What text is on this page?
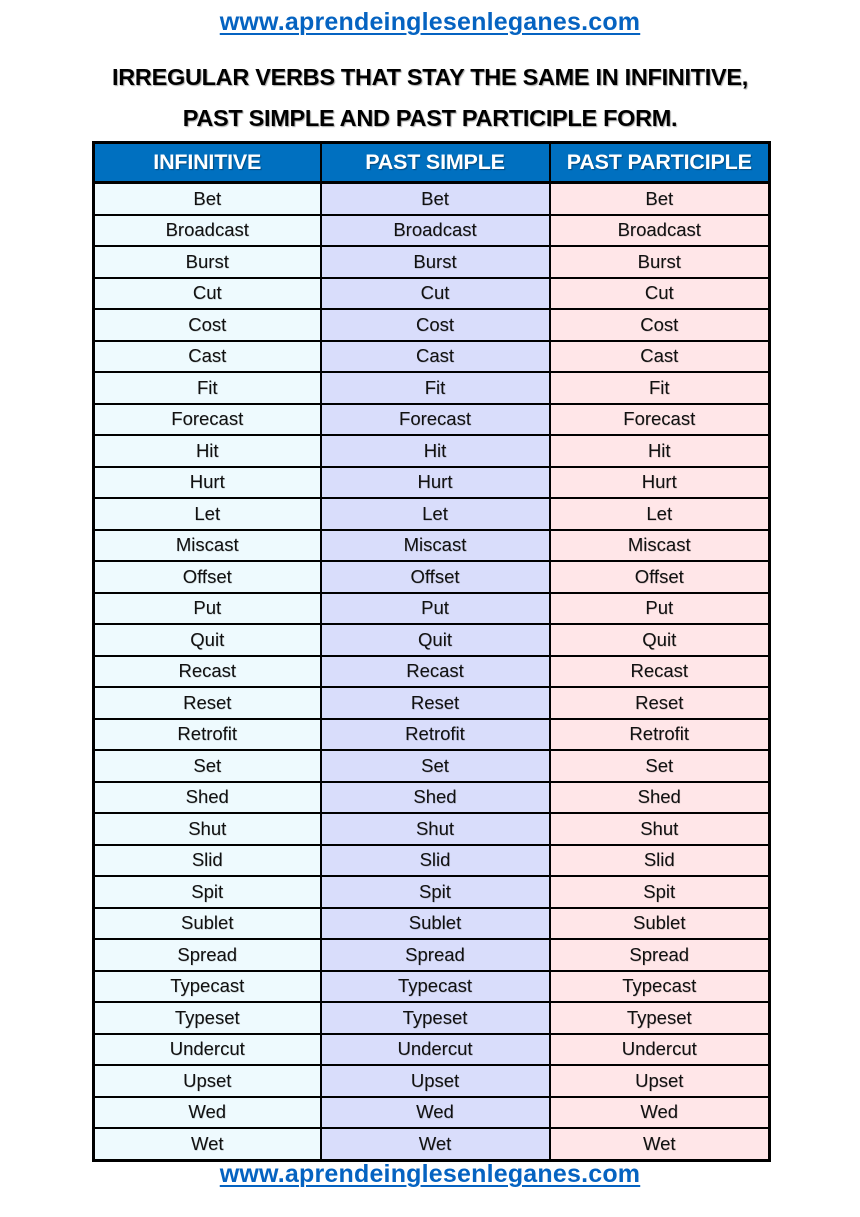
www.aprendeinglesenleganes.com
IRREGULAR VERBS THAT STAY THE SAME IN INFINITIVE,
PAST SIMPLE AND PAST PARTICIPLE FORM.
INFINITIVE	PAST SIMPLE	PAST PARTICIPLE
Bet	Bet	Bet
Broadcast	Broadcast	Broadcast
Burst	Burst	Burst
Cut	Cut	Cut
Cost	Cost	Cost
Cast	Cast	Cast
Fit	Fit	Fit
Forecast	Forecast	Forecast
Hit	Hit	Hit
Hurt	Hurt	Hurt
Let	Let	Let
Miscast	Miscast	Miscast
Offset	Offset	Offset
Put	Put	Put
Quit	Quit	Quit
Recast	Recast	Recast
Reset	Reset	Reset
Retrofit	Retrofit	Retrofit
Set	Set	Set
Shed	Shed	Shed
Shut	Shut	Shut
Slid	Slid	Slid
Spit	Spit	Spit
Sublet	Sublet	Sublet
Spread	Spread	Spread
Typecast	Typecast	Typecast
Typeset	Typeset	Typeset
Undercut	Undercut	Undercut
Upset	Upset	Upset
Wed	Wed	Wed
Wet	Wet	Wet
www.aprendeinglesenleganes.com
